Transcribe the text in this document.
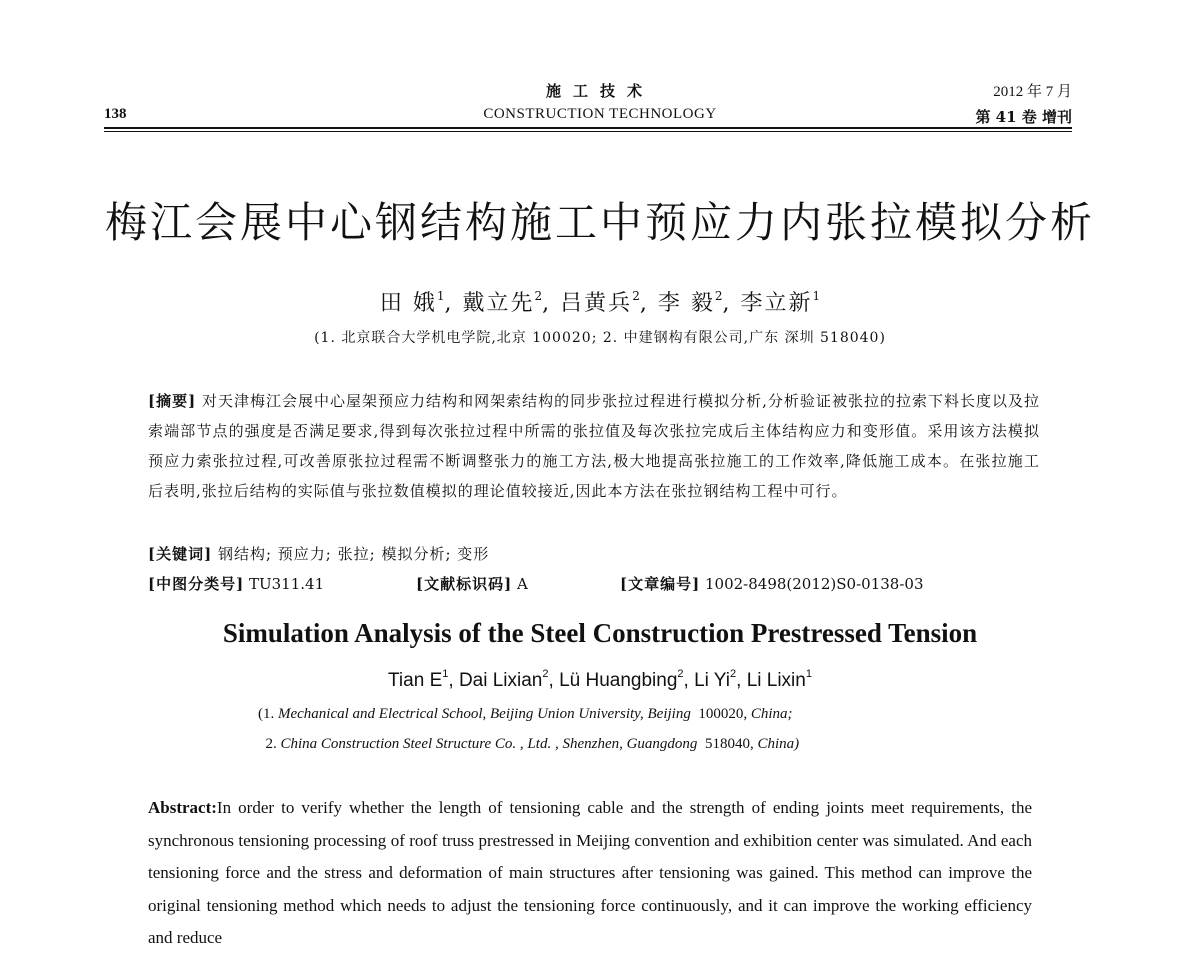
施工技术
CONSTRUCTION TECHNOLOGY
138
2012 年 7 月
第 41 卷 增刊
梅江会展中心钢结构施工中预应力内张拉模拟分析
田 娥$^1$, 戴立先$^2$, 吕黄兵$^2$, 李 毅$^2$, 李立新$^1$
(1. 北京联合大学机电学院,北京 100020; 2. 中建钢构有限公司,广东 深圳 518040)
[摘要] 对天津梅江会展中心屋架预应力结构和网架索结构的同步张拉过程进行模拟分析,分析验证被张拉的拉索下料长度以及拉索端部节点的强度是否满足要求,得到每次张拉过程中所需的张拉值及每次张拉完成后主体结构应力和变形值。采用该方法模拟预应力索张拉过程,可改善原张拉过程需不断调整张力的施工方法,极大地提高张拉施工的工作效率,降低施工成本。在张拉施工后表明,张拉后结构的实际值与张拉数值模拟的理论值较接近,因此本方法在张拉钢结构工程中可行。
[关键词] 钢结构; 预应力; 张拉; 模拟分析; 变形
[中图分类号] TU311.41	[文献标识码] A	[文章编号] 1002-8498(2012)S0-0138-03
Simulation Analysis of the Steel Construction Prestressed Tension
Tian $E^1$, Dai Lixian$^2$, Lü Huangbing$^2$, Li Yi$^2$, Li Lixin$^1$
(1. Mechanical and Electrical School, Beijing Union University, Beijing 100020, China;
2. China Construction Steel Structure Co. , Ltd. , Shenzhen, Guangdong 518040, China)
Abstract:In order to verify whether the length of tensioning cable and the strength of ending joints meet requirements, the synchronous tensioning processing of roof truss prestressed in Meijing convention and exhibition center was simulated. And each tensioning force and the stress and deformation of main structures after tensioning was gained. This method can improve the original tensioning method which needs to adjust the tensioning force continuously, and it can improve the working efficiency and reduce
